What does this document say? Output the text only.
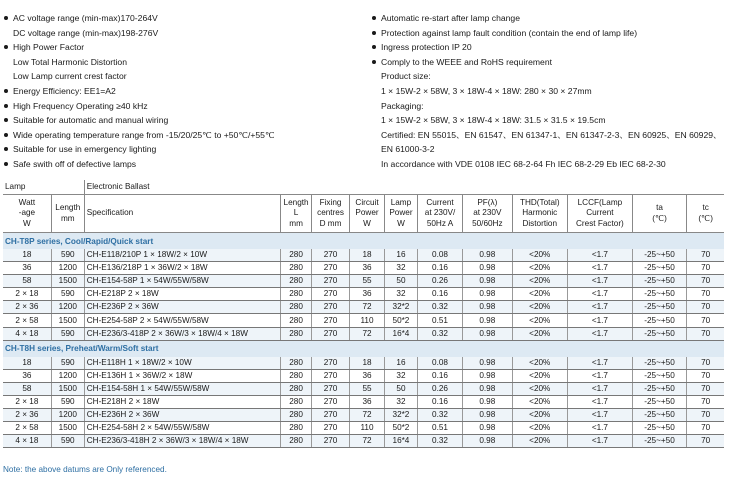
AC voltage range (min-max)170-264V
DC voltage range (min-max)198-276V
High Power Factor
Low Total Harmonic Distortion
Low Lamp current crest factor
Energy Efficiency: EE1=A2
High Frequency Operating ≥40 kHz
Suitable for automatic and manual wiring
Wide operating temperature range from -15/20/25℃ to +50℃/+55℃
Suitable for use in emergency lighting
Safe swith off of defective lamps
Automatic re-start after lamp change
Protection against lamp fault condition (contain the end of lamp life)
Ingress protection IP 20
Comply to the WEEE and RoHS requirement
Product size:
1 × 15W-2 × 58W, 3 × 18W-4 × 18W: 280 × 30 × 27mm
Packaging:
1 × 15W-2 × 58W, 3 × 18W-4 × 18W: 31.5 × 31.5 × 19.5cm
Certified: EN 55015、EN 61547、EN 61347-1、EN 61347-2-3、EN 60925、EN 60929、
EN 61000-3-2
In accordance with VDE 0108 IEC 68-2-64 Fh IEC 68-2-29 Eb IEC 68-2-30
Lamp		Electronic Ballast										
Watt
-age
W	Length
mm	Specification	Length
L
mm	Fixing
centres
D mm	Circuit
Power
W	Lamp
Power
W	Current
at 230V/
50Hz A	PF(λ)
at 230V
50/60Hz	THD(Total)
Harmonic
Distortion	LCCF(Lamp
Current
Crest Factor)	ta
(℃)	tc
(℃)
CH-T8P series, Cool/Rapid/Quick start												
18	590	CH-E118/210P 1 × 18W/2 × 10W	280	270	18	16	0.08	0.98	<20%	<1.7	-25~+50	70
36	1200	CH-E136/218P 1 × 36W/2 × 18W	280	270	36	32	0.16	0.98	<20%	<1.7	-25~+50	70
58	1500	CH-E154-58P 1 × 54W/55W/58W	280	270	55	50	0.26	0.98	<20%	<1.7	-25~+50	70
2 × 18	590	CH-E218P 2 × 18W	280	270	36	32	0.16	0.98	<20%	<1.7	-25~+50	70
2 × 36	1200	CH-E236P 2 × 36W	280	270	72	32*2	0.32	0.98	<20%	<1.7	-25~+50	70
2 × 58	1500	CH-E254-58P 2 × 54W/55W/58W	280	270	110	50*2	0.51	0.98	<20%	<1.7	-25~+50	70
4 × 18	590	CH-E236/3-418P 2 × 36W/3 × 18W/4 × 18W	280	270	72	16*4	0.32	0.98	<20%	<1.7	-25~+50	70
CH-T8H series, Preheat/Warm/Soft start												
18	590	CH-E118H 1 × 18W/2 × 10W	280	270	18	16	0.08	0.98	<20%	<1.7	-25~+50	70
36	1200	CH-E136H 1 × 36W/2 × 18W	280	270	36	32	0.16	0.98	<20%	<1.7	-25~+50	70
58	1500	CH-E154-58H 1 × 54W/55W/58W	280	270	55	50	0.26	0.98	<20%	<1.7	-25~+50	70
2 × 18	590	CH-E218H 2 × 18W	280	270	36	32	0.16	0.98	<20%	<1.7	-25~+50	70
2 × 36	1200	CH-E236H 2 × 36W	280	270	72	32*2	0.32	0.98	<20%	<1.7	-25~+50	70
2 × 58	1500	CH-E254-58H 2 × 54W/55W/58W	280	270	110	50*2	0.51	0.98	<20%	<1.7	-25~+50	70
4 × 18	590	CH-E236/3-418H 2 × 36W/3 × 18W/4 × 18W	280	270	72	16*4	0.32	0.98	<20%	<1.7	-25~+50	70
Note: the above datums are Only referenced.
